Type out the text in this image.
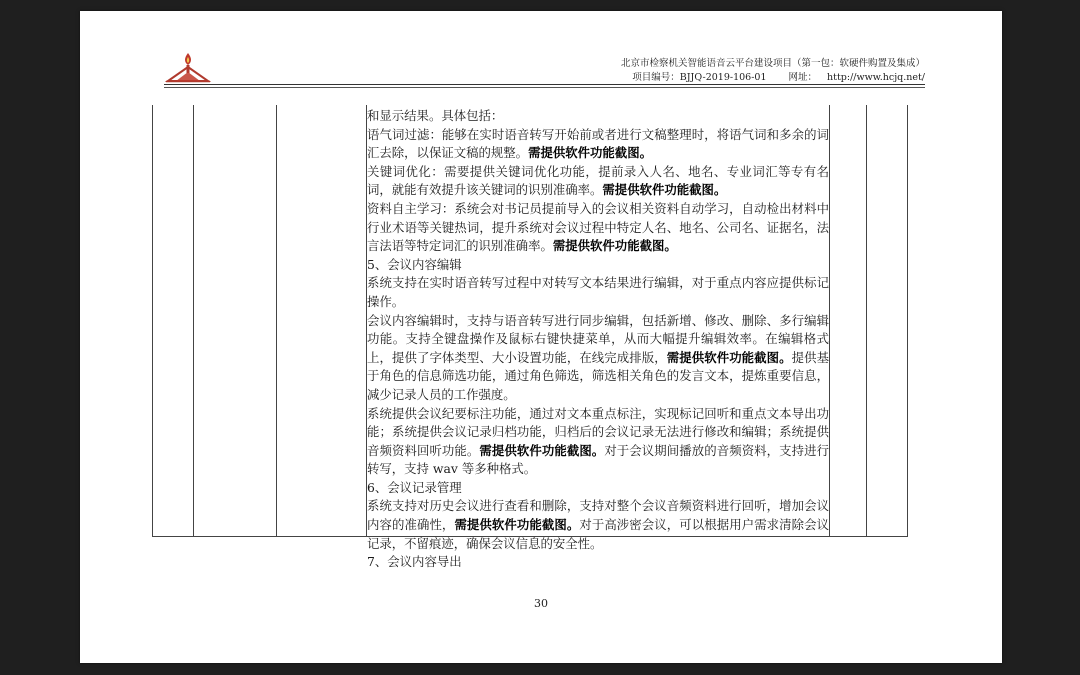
北京市检察机关智能语音云平台建设项目（第一包：软硬件购置及集成）
项目编号：BJJQ-2019-106-01 网址： http://www.hcjq.net/

和显示结果。具体包括：

语气词过滤：能够在实时语音转写开始前或者进行文稿整理时，将语气词和多余的词汇去除，以保证文稿的规整。需提供软件功能截图。

关键词优化：需要提供关键词优化功能，提前录入人名、地名、专业词汇等专有名词，就能有效提升该关键词的识别准确率。需提供软件功能截图。

资料自主学习：系统会对书记员提前导入的会议相关资料自动学习，自动检出材料中行业术语等关键热词，提升系统对会议过程中特定人名、地名、公司名、证据名，法言法语等特定词汇的识别准确率。需提供软件功能截图。

5、会议内容编辑

系统支持在实时语音转写过程中对转写文本结果进行编辑，对于重点内容应提供标记操作。

会议内容编辑时，支持与语音转写进行同步编辑，包括新增、修改、删除、多行编辑功能。支持全键盘操作及鼠标右键快捷菜单，从而大幅提升编辑效率。在编辑格式上，提供了字体类型、大小设置功能，在线完成排版，需提供软件功能截图。提供基于角色的信息筛选功能，通过角色筛选，筛选相关角色的发言文本，提炼重要信息，减少记录人员的工作强度。

系统提供会议纪要标注功能，通过对文本重点标注，实现标记回听和重点文本导出功能；系统提供会议记录归档功能，归档后的会议记录无法进行修改和编辑；系统提供音频资料回听功能。需提供软件功能截图。对于会议期间播放的音频资料，支持进行转写，支持 wav 等多种格式。

6、会议记录管理

系统支持对历史会议进行查看和删除，支持对整个会议音频资料进行回听，增加会议内容的准确性，需提供软件功能截图。对于高涉密会议，可以根据用户需求清除会议记录，不留痕迹，确保会议信息的安全性。

7、会议内容导出

30
